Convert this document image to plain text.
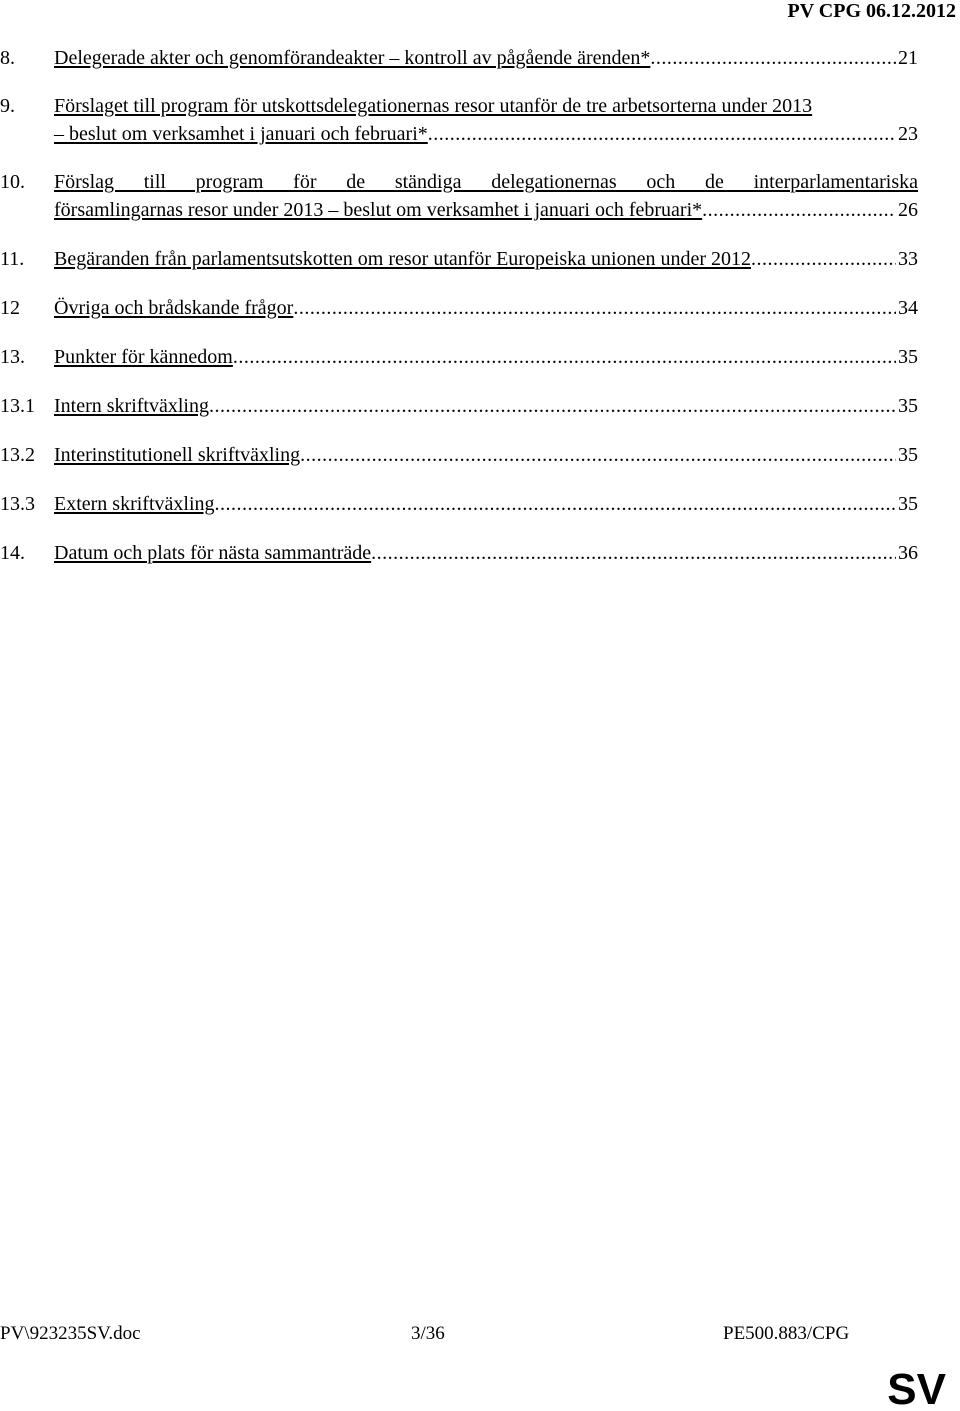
PV CPG 06.12.2012
8. Delegerade akter och genomförandeakter – kontroll av pågående ärenden* .....	21
9. Förslaget till program för utskottsdelegationernas resor utanför de tre arbetsorterna under 2013
– beslut om verksamhet i januari och februari* .....	23
10. Förslag till program för de ständiga delegationernas och de interparlamentariska
församlingarnas resor under 2013 – beslut om verksamhet i januari och februari* .....	26
11. Begäranden från parlamentsutskotten om resor utanför Europeiska unionen under 2012 .....	33
12 Övriga och brådskande frågor .....	34
13. Punkter för kännedom .....	35
13.1 Intern skriftväxling .....	35
13.2 Interinstitutionell skriftväxling .....	35
13.3 Extern skriftväxling .....	35
14. Datum och plats för nästa sammanträde .....	36
PV\923235SV.doc	3/36	PE500.883/CPG
SV
